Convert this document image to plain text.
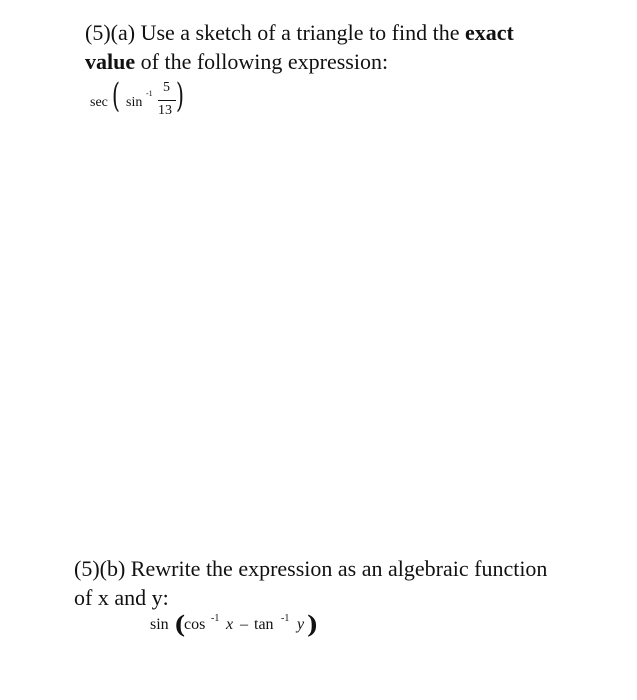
(5)(a) Use a sketch of a triangle to find the exact

value of the following expression:

sec ( sin
-1 5
13 )

(5)(b) Rewrite the expression as an algebraic function

of x and y:

sin (
cos -1 x – tan -1 y )
